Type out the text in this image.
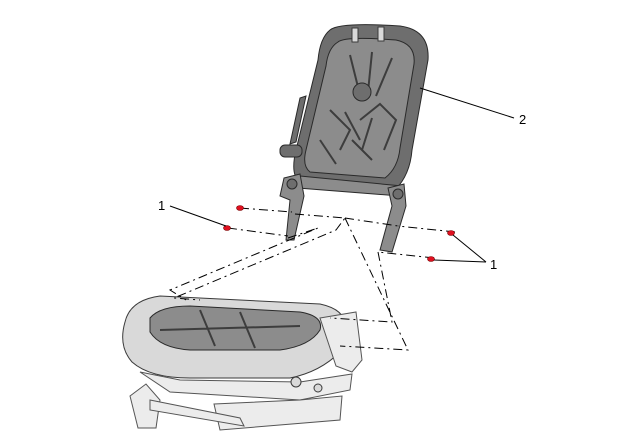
1
1
2
